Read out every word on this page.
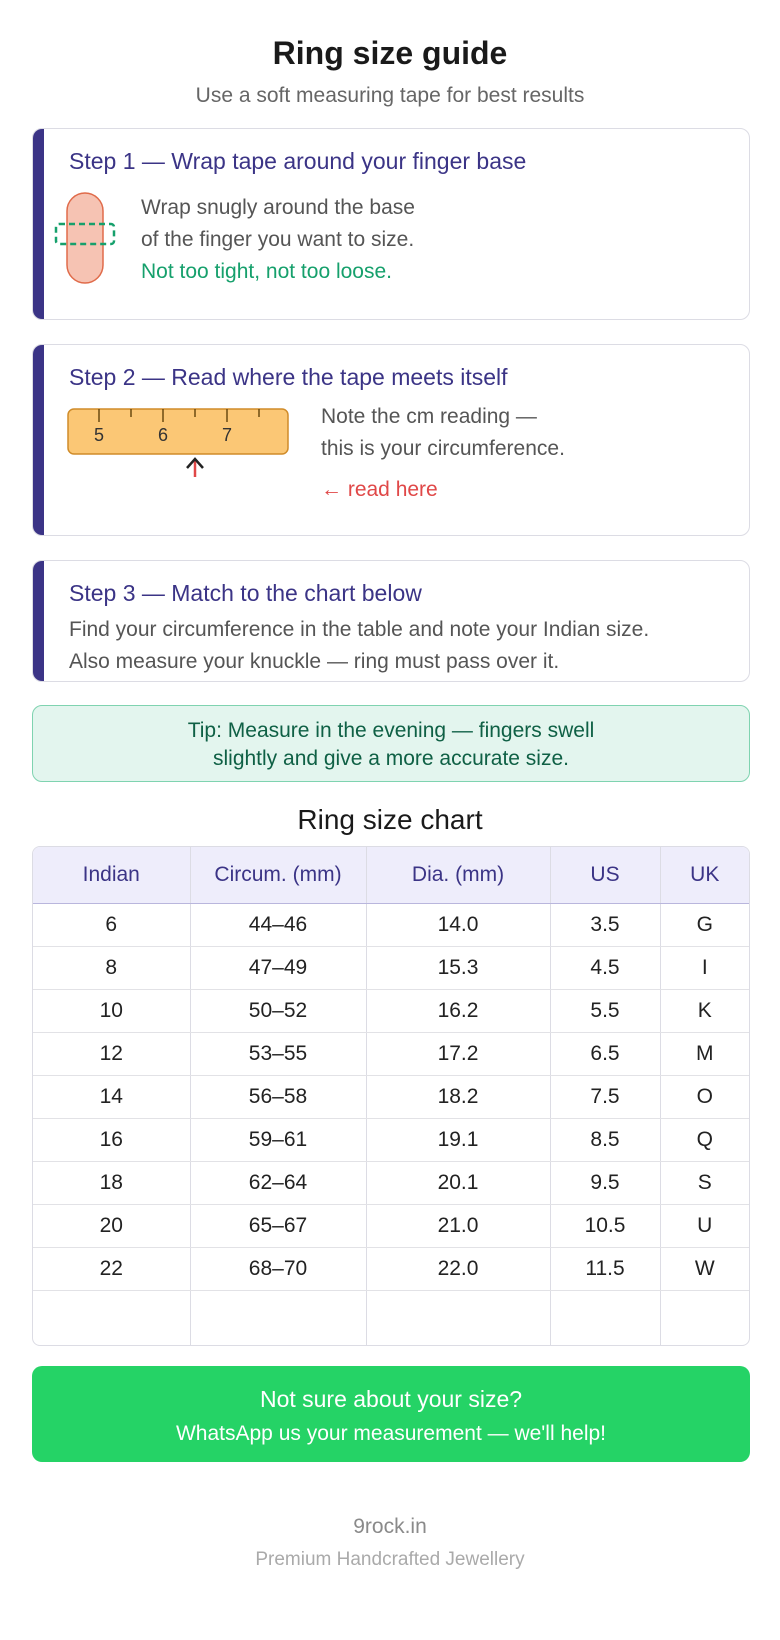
Ring size guide
Use a soft measuring tape for best results
Step 1 — Wrap tape around your finger base
Wrap snugly around the base
of the finger you want to size.
Not too tight, not too loose.
Step 2 — Read where the tape meets itself
5	6	7
Note the cm reading —
this is your circumference.
← read here
Step 3 — Match to the chart below
Find your circumference in the table and note your Indian size.
Also measure your knuckle — ring must pass over it.
Tip: Measure in the evening — fingers swell
slightly and give a more accurate size.
Ring size chart
Indian	Circum. (mm)	Dia. (mm)	US	UK
6	44–46	14.0	3.5	G
8	47–49	15.3	4.5	I
10	50–52	16.2	5.5	K
12	53–55	17.2	6.5	M
14	56–58	18.2	7.5	O
16	59–61	19.1	8.5	Q
18	62–64	20.1	9.5	S
20	65–67	21.0	10.5	U
22	68–70	22.0	11.5	W

Not sure about your size?
WhatsApp us your measurement — we'll help!
9rock.in
Premium Handcrafted Jewellery
